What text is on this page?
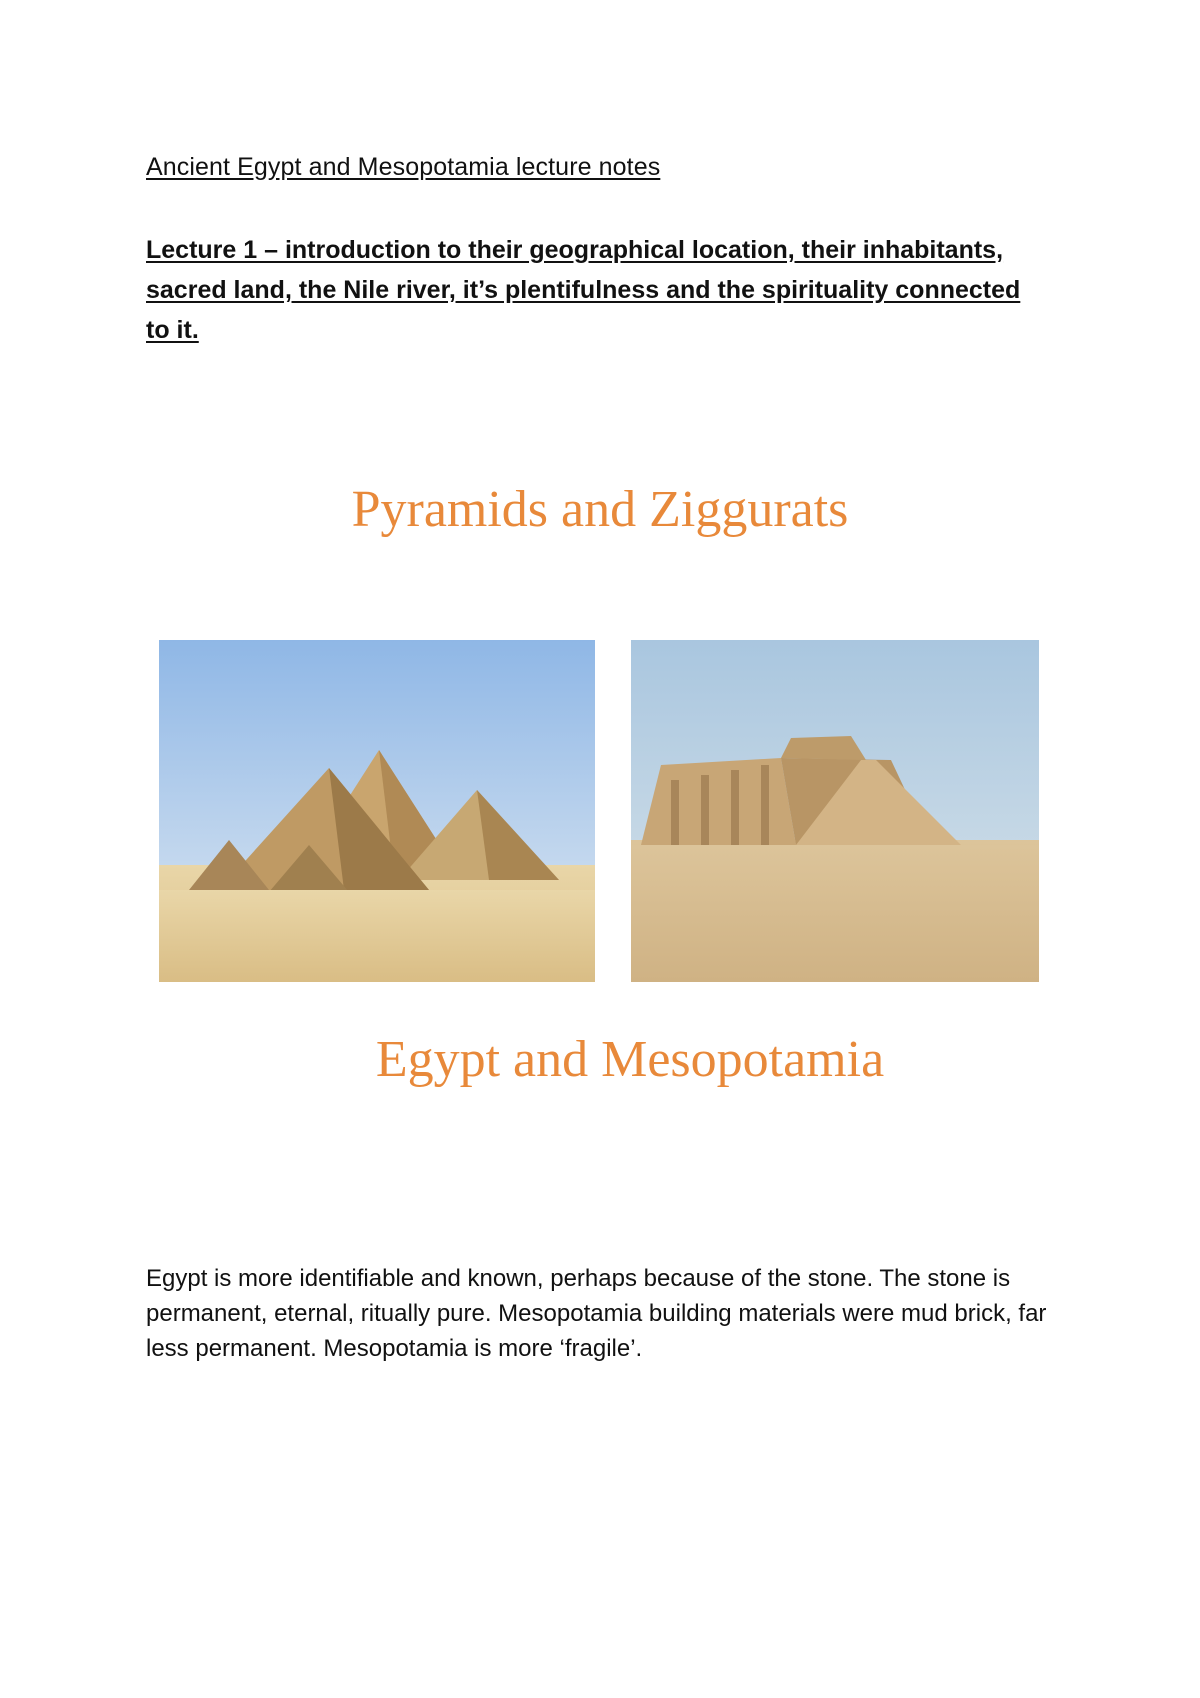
Ancient Egypt and Mesopotamia lecture notes
Lecture 1 – introduction to their geographical location, their inhabitants, sacred land, the Nile river, it’s plentifulness and the spirituality connected to it.
Pyramids and Ziggurats
Egypt and Mesopotamia

Egypt is more identifiable and known, perhaps because of the stone. The stone is permanent, eternal, ritually pure. Mesopotamia building materials were mud brick, far less permanent. Mesopotamia is more ‘fragile’.
